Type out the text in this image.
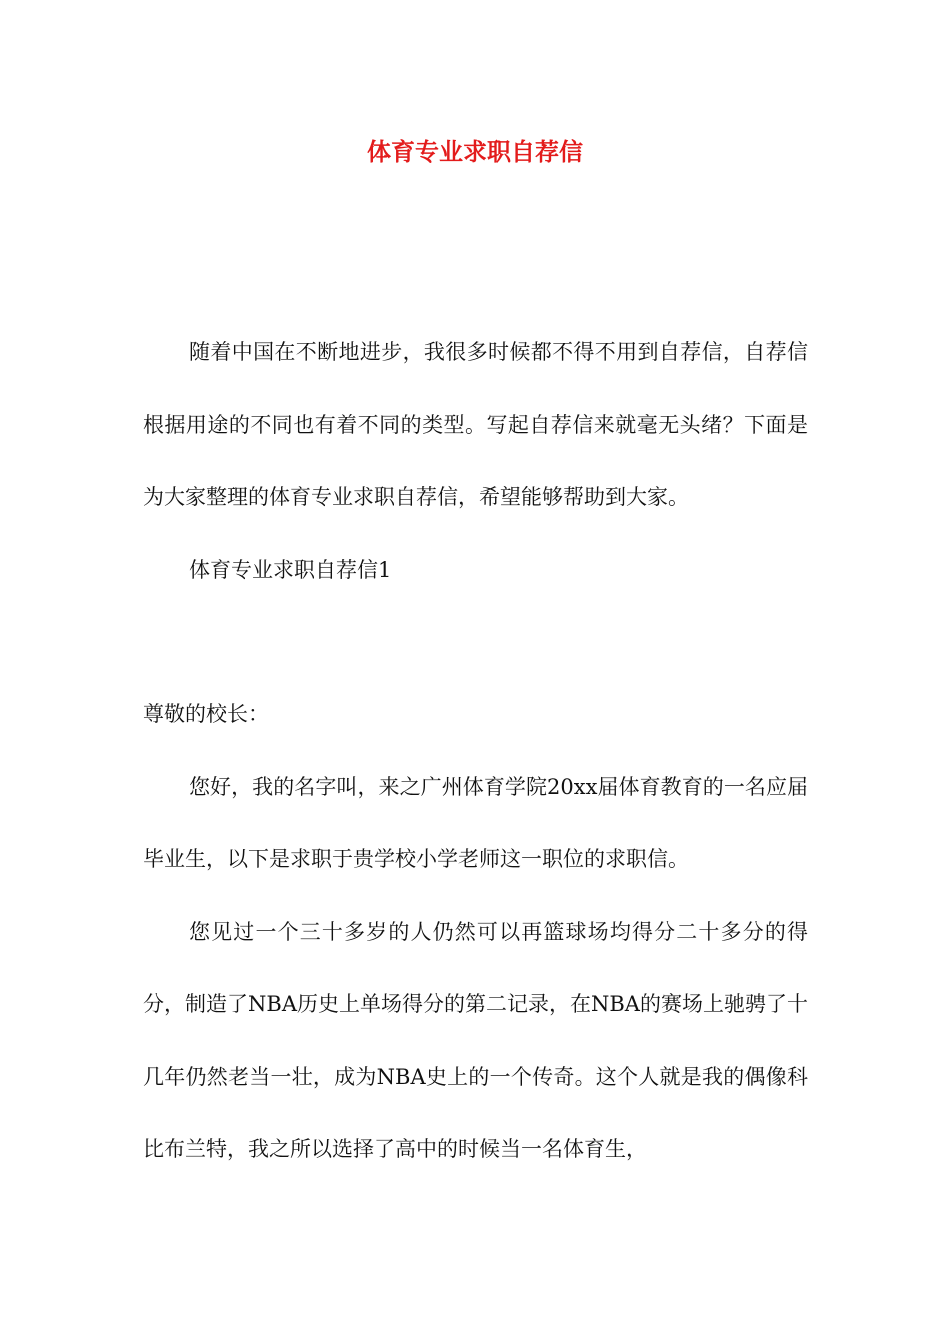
体育专业求职自荐信

随着中国在不断地进步，我很多时候都不得不用到自荐信，自荐信根据用途的不同也有着不同的类型。写起自荐信来就毫无头绪？下面是为大家整理的体育专业求职自荐信，希望能够帮助到大家。

体育专业求职自荐信1

尊敬的校长：

您好，我的名字叫，来之广州体育学院20xx届体育教育的一名应届毕业生，以下是求职于贵学校小学老师这一职位的求职信。

您见过一个三十多岁的人仍然可以再篮球场均得分二十多分的得分，制造了NBA历史上单场得分的第二记录，在NBA的赛场上驰骋了十几年仍然老当一壮，成为NBA史上的一个传奇。这个人就是我的偶像科比布兰特，我之所以选择了高中的时候当一名体育生，
